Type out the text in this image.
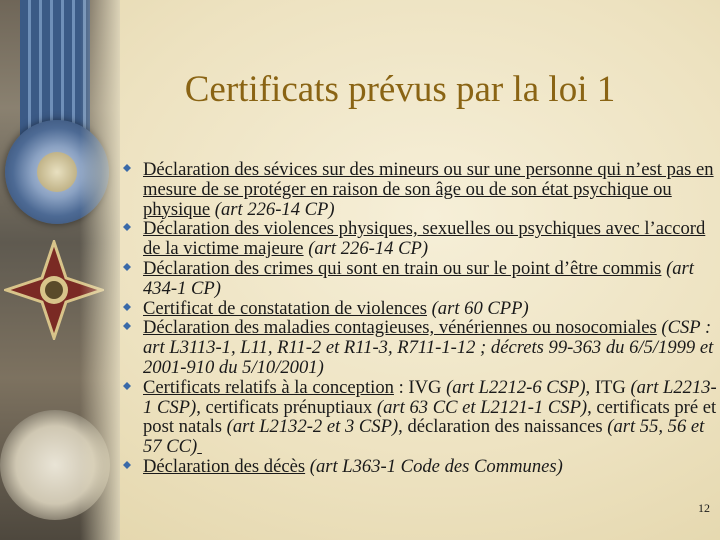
Certificats prévus par la loi 1
Déclaration des sévices sur des mineurs ou sur une personne qui n’est pas en mesure de se protéger en raison de son âge ou de son état psychique ou physique (art 226-14 CP)
Déclaration des violences physiques, sexuelles ou psychiques avec l’accord de la victime majeure (art 226-14 CP)
Déclaration des crimes qui sont en train ou sur le point d’être commis (art 434-1 CP)
Certificat de constatation de violences (art 60 CPP)
Déclaration des maladies contagieuses, vénériennes ou nosocomiales (CSP : art L3113-1, L11, R11-2 et R11-3, R711-1-12 ; décrets 99-363 du 6/5/1999 et 2001-910 du 5/10/2001)
Certificats relatifs à la conception : IVG (art L2212-6 CSP), ITG (art L2213-1 CSP), certificats prénuptiaux (art 63 CC et L2121-1 CSP), certificats pré et post natals (art L2132-2 et 3 CSP), déclaration des naissances (art 55, 56 et 57 CC)
Déclaration des décès (art L363-1 Code des Communes)
12
